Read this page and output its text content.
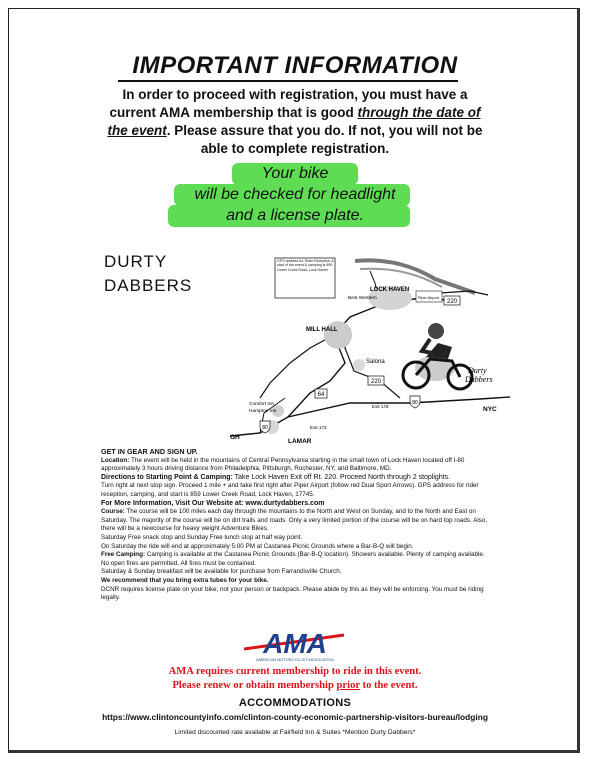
IMPORTANT INFORMATION
In order to proceed with registration, you must have a current AMA membership that is good through the date of the event. Please assure that you do. If not, you will not be able to complete registration.
Your bike
will be checked for headlight
and a license plate.
DURTY
DABBERS
GPS address for Rider Reception & start of the event & camping is 859 Lower Creek Road, Lock Haven
LOCK HAVEN
Best Western	Piper Airport
MILL HALL
Salona
Comfort Inn
Hampton Inn
Exit 173
Exit 178
LAMAR
OH
NYC
220
220
64
80
80
Durty
Dabbers

GET IN GEAR AND SIGN UP.

Location: The event will be held in the mountains of Central Pennsylvania starting in the small town of Lock Haven located off I-80 approximately 3 hours driving distance from Philadelphia, Pittsburgh, Rochester, NY, and Baltimore, MD.

Directions to Starting Point & Camping: Take Lock Haven Exit off Rt. 220. Proceed North through 2 stoplights.

Turn right at next stop sign. Proceed 1 mile + and take first right after Piper Airport (follow red Dual Sport Arrows). GPS address for rider reception, camping, and start is 859 Lower Creek Road, Lock Haven, 17745.

For More Information, Visit Our Website at: www.durtydabbers.com

Course: The course will be 100 miles each day through the mountains to the North and West on Sunday, and to the North and East on Saturday. The majority of the course will be on dirt trails and roads. Only a very limited portion of the course will be on hard top roads. Also, there will be a newcourse for heavy weight Adventure Bikes.

Saturday Free snack stop and Sunday Free lunch stop at half way point.

On Saturday the ride will end at approximately 5:00 PM at Castanea Picnic Grounds where a Bar-B-Q will begin.

Free Camping: Camping is available at the Castanea Picnic Grounds (Bar-B-Q location). Showers available. Plenty of camping available. No open fires are permitted. All fires must be contained.

Saturday & Sunday breakfast will be available for purchase from Farrandsville Church.

We recommend that you bring extra tubes for your bike.

DCNR requires license plate on your bike, not your person or backpack. Please abide by this as they will be enforcing. You must be riding legally.

AMA
AMERICAN MOTORCYCLIST ASSOCIATION
AMA requires current membership to ride in this event.
Please renew or obtain membership prior to the event.
ACCOMMODATIONS
https://www.clintoncountyinfo.com/clinton-county-economic-partnership-visitors-bureau/lodging
Limited discounted rate available at Fairfield Inn & Suites *Mention Durty Dabbers*
